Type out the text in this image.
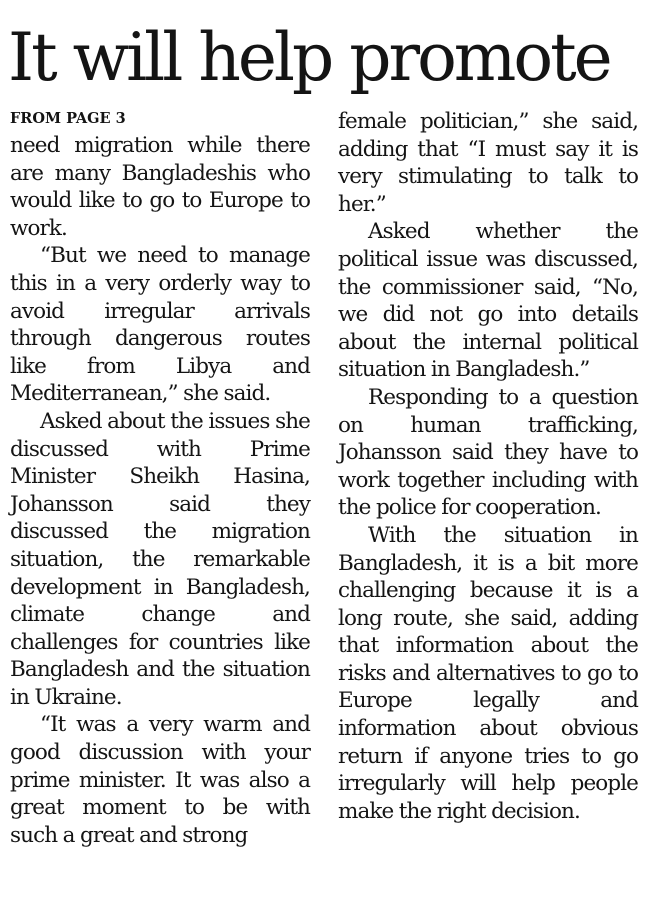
It will help promote
FROM PAGE 3

need migration while there are many Bangladeshis who would like to go to Europe to work.

“But we need to manage this in a very orderly way to avoid irregular arrivals through dangerous routes like from Libya and Mediterranean,” she said.

Asked about the issues she discussed with Prime Minister Sheikh Hasina, Johansson said they discussed the migration situation, the remarkable development in Bangladesh, climate change and challenges for countries like Bangladesh and the situation in Ukraine.

“It was a very warm and good discussion with your prime minister. It was also a great moment to be with such a great and strong

female politician,” she said, adding that “I must say it is very stimulating to talk to her.”

Asked whether the political issue was discussed, the commissioner said, “No, we did not go into details about the internal political situation in Bangladesh.”

Responding to a question on human trafficking, Johansson said they have to work together including with the police for cooperation.

With the situation in Bangladesh, it is a bit more challenging because it is a long route, she said, adding that information about the risks and alternatives to go to Europe legally and information about obvious return if anyone tries to go irregularly will help people make the right decision.
